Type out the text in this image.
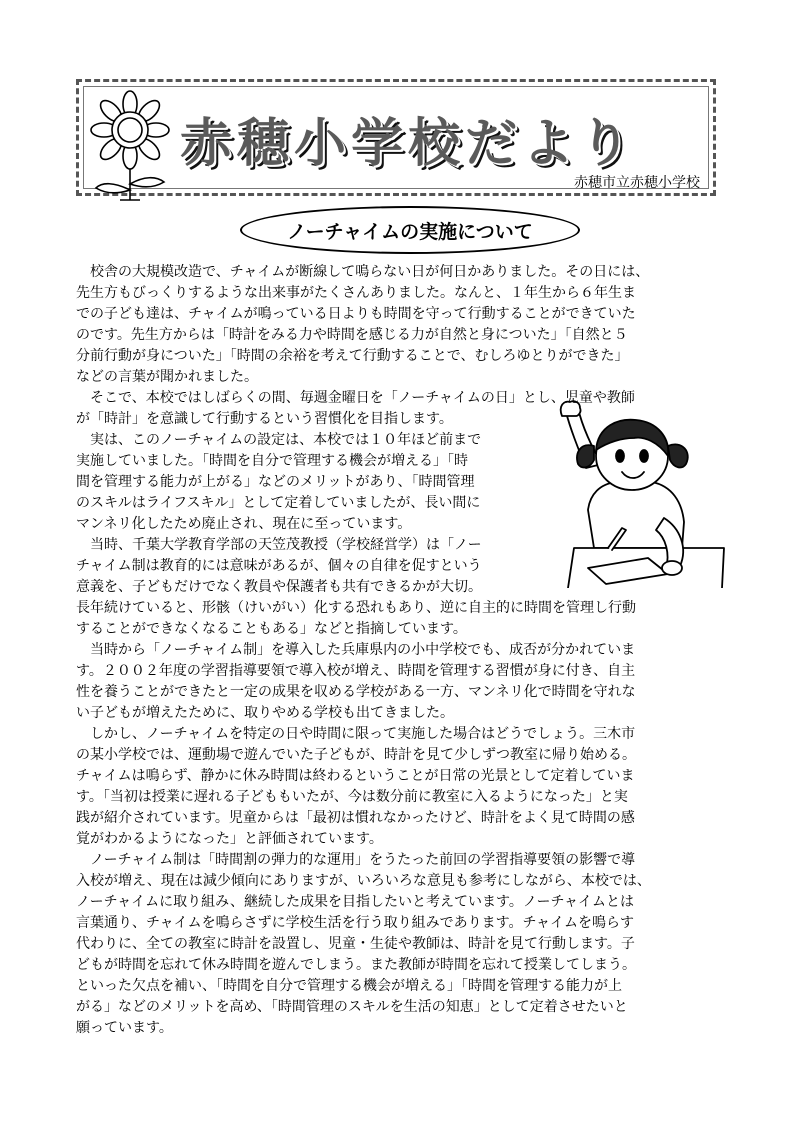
赤穂小学校だより
赤穂市立赤穂小学校
ノーチャイムの実施について
　校舎の大規模改造で、チャイムが断線して鳴らない日が何日かありました。その日には、
先生方もびっくりするような出来事がたくさんありました。なんと、１年生から６年生ま
での子ども達は、チャイムが鳴っている日よりも時間を守って行動することができていた
のです。先生方からは「時計をみる力や時間を感じる力が自然と身についた」「自然と５
分前行動が身についた」「時間の余裕を考えて行動することで、むしろゆとりができた」
などの言葉が聞かれました。
　そこで、本校ではしばらくの間、毎週金曜日を「ノーチャイムの日」とし、児童や教師
が「時計」を意識して行動するという習慣化を目指します。
　実は、このノーチャイムの設定は、本校では１０年ほど前まで
実施していました。「時間を自分で管理する機会が増える」「時
間を管理する能力が上がる」などのメリットがあり、「時間管理
のスキルはライフスキル」として定着していましたが、長い間に
マンネリ化したため廃止され、現在に至っています。
　当時、千葉大学教育学部の天笠茂教授（学校経営学）は「ノー
チャイム制は教育的には意味があるが、個々の自律を促すという
意義を、子どもだけでなく教員や保護者も共有できるかが大切。
長年続けていると、形骸（けいがい）化する恐れもあり、逆に自主的に時間を管理し行動
することができなくなることもある」などと指摘しています。
　当時から「ノーチャイム制」を導入した兵庫県内の小中学校でも、成否が分かれていま
す。２００２年度の学習指導要領で導入校が増え、時間を管理する習慣が身に付き、自主
性を養うことができたと一定の成果を収める学校がある一方、マンネリ化で時間を守れな
い子どもが増えたために、取りやめる学校も出てきました。
　しかし、ノーチャイムを特定の日や時間に限って実施した場合はどうでしょう。三木市
の某小学校では、運動場で遊んでいた子どもが、時計を見て少しずつ教室に帰り始める。
チャイムは鳴らず、静かに休み時間は終わるということが日常の光景として定着していま
す。「当初は授業に遅れる子どももいたが、今は数分前に教室に入るようになった」と実
践が紹介されています。児童からは「最初は慣れなかったけど、時計をよく見て時間の感
覚がわかるようになった」と評価されています。
　ノーチャイム制は「時間割の弾力的な運用」をうたった前回の学習指導要領の影響で導
入校が増え、現在は減少傾向にありますが、いろいろな意見も参考にしながら、本校では、
ノーチャイムに取り組み、継続した成果を目指したいと考えています。ノーチャイムとは
言葉通り、チャイムを鳴らさずに学校生活を行う取り組みであります。チャイムを鳴らす
代わりに、全ての教室に時計を設置し、児童・生徒や教師は、時計を見て行動します。子
どもが時間を忘れて休み時間を遊んでしまう。また教師が時間を忘れて授業してしまう。
といった欠点を補い、「時間を自分で管理する機会が増える」「時間を管理する能力が上
がる」などのメリットを高め、「時間管理のスキルを生活の知恵」として定着させたいと
願っています。
